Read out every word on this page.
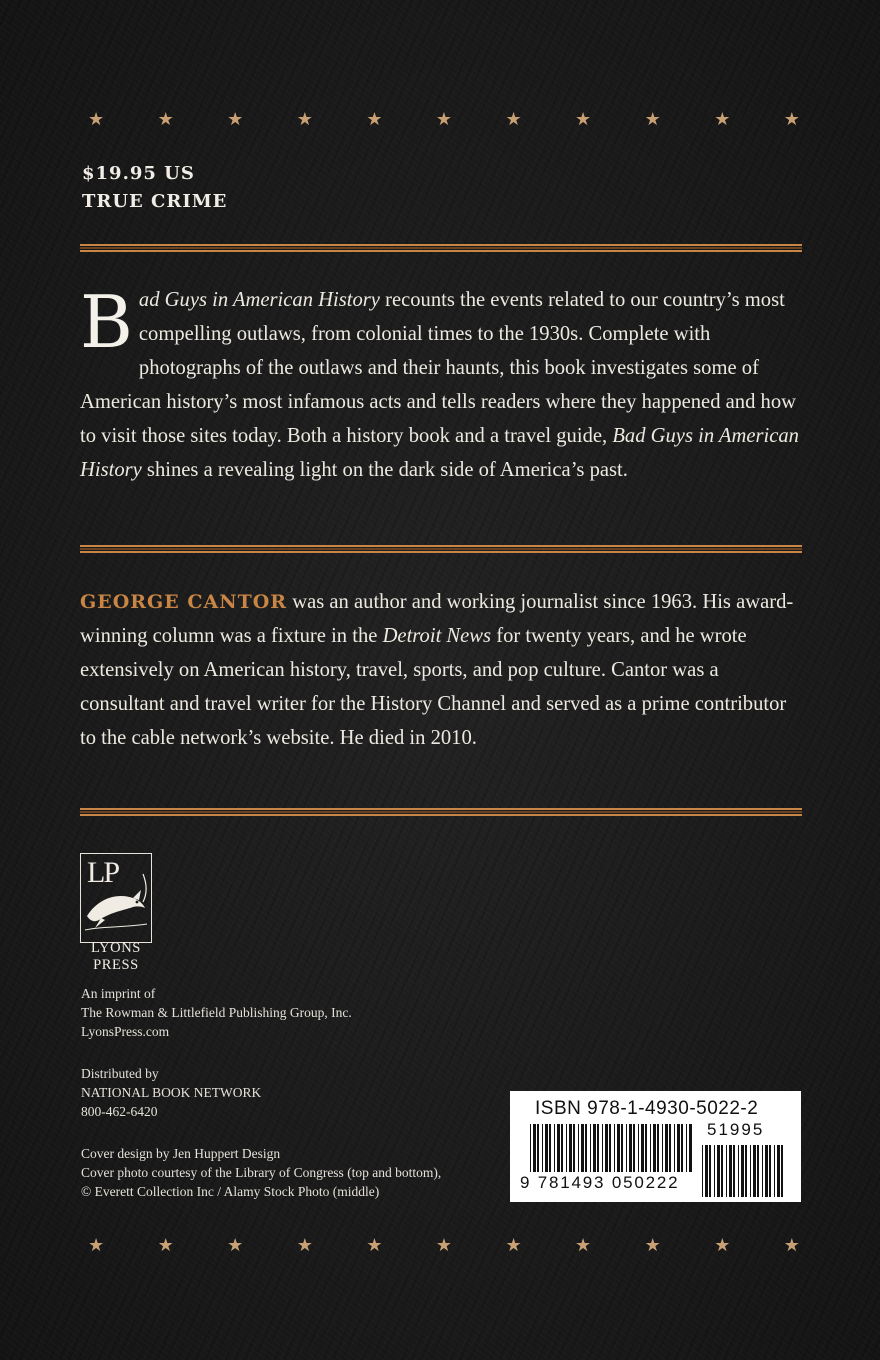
★	★	★	★	★	★	★	★	★	★	★
$19.95 US
TRUE CRIME
Bad Guys in American History recounts the events related to our country’s most compelling outlaws, from colonial times to the 1930s. Complete with photographs of the outlaws and their haunts, this book investigates some of American history’s most infamous acts and tells readers where they happened and how to visit those sites today. Both a history book and a travel guide, Bad Guys in American History shines a revealing light on the dark side of America’s past.
GEORGE CANTOR was an author and working journalist since 1963. His award-winning column was a fixture in the Detroit News for twenty years, and he wrote extensively on American history, travel, sports, and pop culture. Cantor was a consultant and travel writer for the History Channel and served as a prime contributor to the cable network’s website. He died in 2010.
LP
LYONS
PRESS
An imprint of
The Rowman & Littlefield Publishing Group, Inc.
LyonsPress.com
Distributed by
NATIONAL BOOK NETWORK
800-462-6420
Cover design by Jen Huppert Design
Cover photo courtesy of the Library of Congress (top and bottom),
© Everett Collection Inc / Alamy Stock Photo (middle)
ISBN 978-1-4930-5022-2
51995
9 781493 050222
★	★	★	★	★	★	★	★	★	★	★
